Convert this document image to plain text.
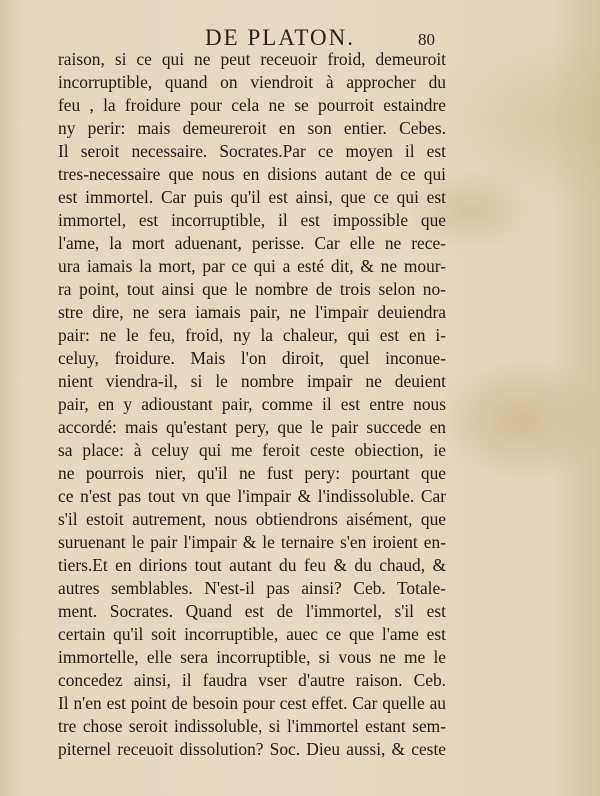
DE PLATON.	80
raison, si ce qui ne peut receuoir froid, demeuroit
incorruptible, quand on viendroit à approcher du
feu , la froidure pour cela ne se pourroit estaindre
ny perir: mais demeureroit en son entier. Cebes.
Il seroit necessaire. Socrates.Par ce moyen il est
tres-necessaire que nous en disions autant de ce qui
est immortel. Car puis qu'il est ainsi, que ce qui est
immortel, est incorruptible, il est impossible que
l'ame, la mort aduenant, perisse. Car elle ne rece-
ura iamais la mort, par ce qui a esté dit, & ne mour-
ra point, tout ainsi que le nombre de trois selon no-
stre dire, ne sera iamais pair, ne l'impair deuiendra
pair: ne le feu, froid, ny la chaleur, qui est en i-
celuy, froidure. Mais l'on diroit, quel inconue-
nient viendra-il, si le nombre impair ne deuient
pair, en y adioustant pair, comme il est entre nous
accordé: mais qu'estant pery, que le pair succede en
sa place: à celuy qui me feroit ceste obiection, ie
ne pourrois nier, qu'il ne fust pery: pourtant que
ce n'est pas tout vn que l'impair & l'indissoluble. Car
s'il estoit autrement, nous obtiendrons aisément, que
suruenant le pair l'impair & le ternaire s'en iroient en-
tiers.Et en dirions tout autant du feu & du chaud, &
autres semblables. N'est-il pas ainsi? Ceb. Totale-
ment. Socrates. Quand est de l'immortel, s'il est
certain qu'il soit incorruptible, auec ce que l'ame est
immortelle, elle sera incorruptible, si vous ne me le
concedez ainsi, il faudra vser d'autre raison. Ceb.
Il n'en est point de besoin pour cest effet. Car quelle au
tre chose seroit indissoluble, si l'immortel estant sem-
piternel receuoit dissolution? Soc. Dieu aussi, & ceste
